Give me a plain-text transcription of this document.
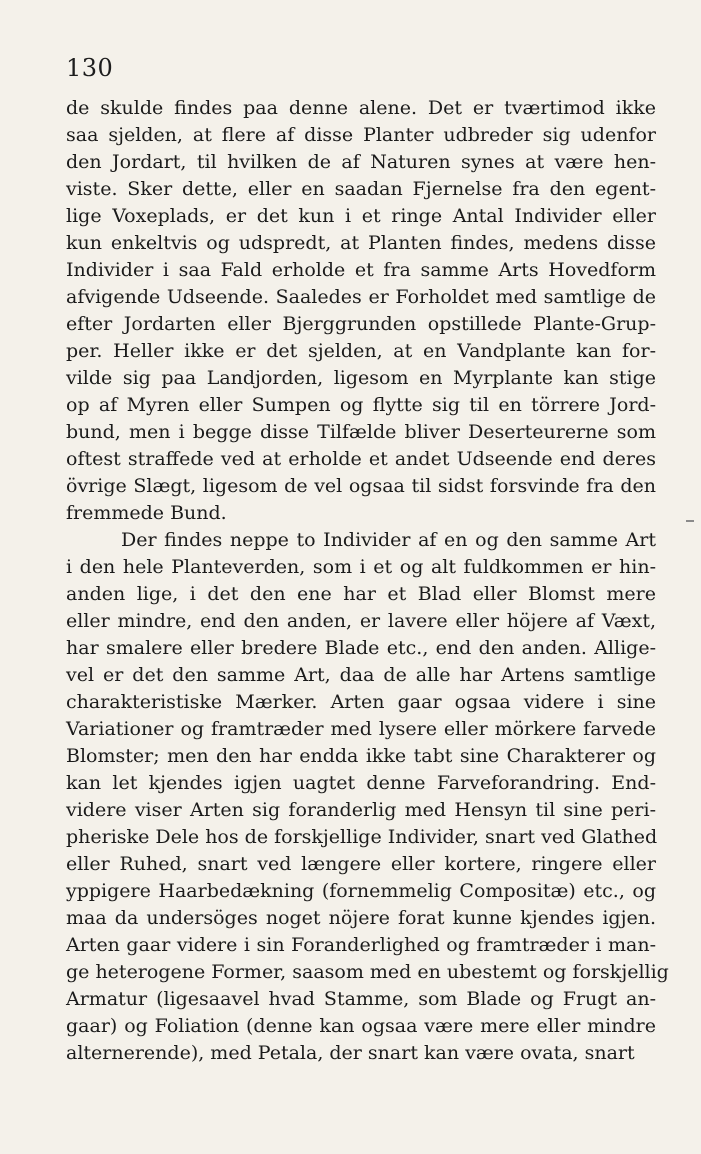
130
de skulde findes paa denne alene. Det er tværtimod ikke
saa sjelden, at flere af disse Planter udbreder sig udenfor
den Jordart, til hvilken de af Naturen synes at være hen-
viste. Sker dette, eller en saadan Fjernelse fra den egent-
lige Voxeplads, er det kun i et ringe Antal Individer eller
kun enkeltvis og udspredt, at Planten findes, medens disse
Individer i saa Fald erholde et fra samme Arts Hovedform
afvigende Udseende. Saaledes er Forholdet med samtlige de
efter Jordarten eller Bjerggrunden opstillede Plante-Grup-
per. Heller ikke er det sjelden, at en Vandplante kan for-
vilde sig paa Landjorden, ligesom en Myrplante kan stige
op af Myren eller Sumpen og flytte sig til en törrere Jord-
bund, men i begge disse Tilfælde bliver Deserteurerne som
oftest straffede ved at erholde et andet Udseende end deres
övrige Slægt, ligesom de vel ogsaa til sidst forsvinde fra den
fremmede Bund.
Der findes neppe to Individer af en og den samme Art
i den hele Planteverden, som i et og alt fuldkommen er hin-
anden lige, i det den ene har et Blad eller Blomst mere
eller mindre, end den anden, er lavere eller höjere af Væxt,
har smalere eller bredere Blade etc., end den anden. Allige-
vel er det den samme Art, daa de alle har Artens samtlige
charakteristiske Mærker. Arten gaar ogsaa videre i sine
Variationer og framtræder med lysere eller mörkere farvede
Blomster; men den har endda ikke tabt sine Charakterer og
kan let kjendes igjen uagtet denne Farveforandring. End-
videre viser Arten sig foranderlig med Hensyn til sine peri-
pheriske Dele hos de forskjellige Individer, snart ved Glathed
eller Ruhed, snart ved længere eller kortere, ringere eller
yppigere Haarbedækning (fornemmelig Compositæ) etc., og
maa da undersöges noget nöjere forat kunne kjendes igjen.
Arten gaar videre i sin Foranderlighed og framtræder i man-
ge heterogene Former, saasom med en ubestemt og forskjellig
Armatur (ligesaavel hvad Stamme, som Blade og Frugt an-
gaar) og Foliation (denne kan ogsaa være mere eller mindre
alternerende), med Petala, der snart kan være ovata, snart
